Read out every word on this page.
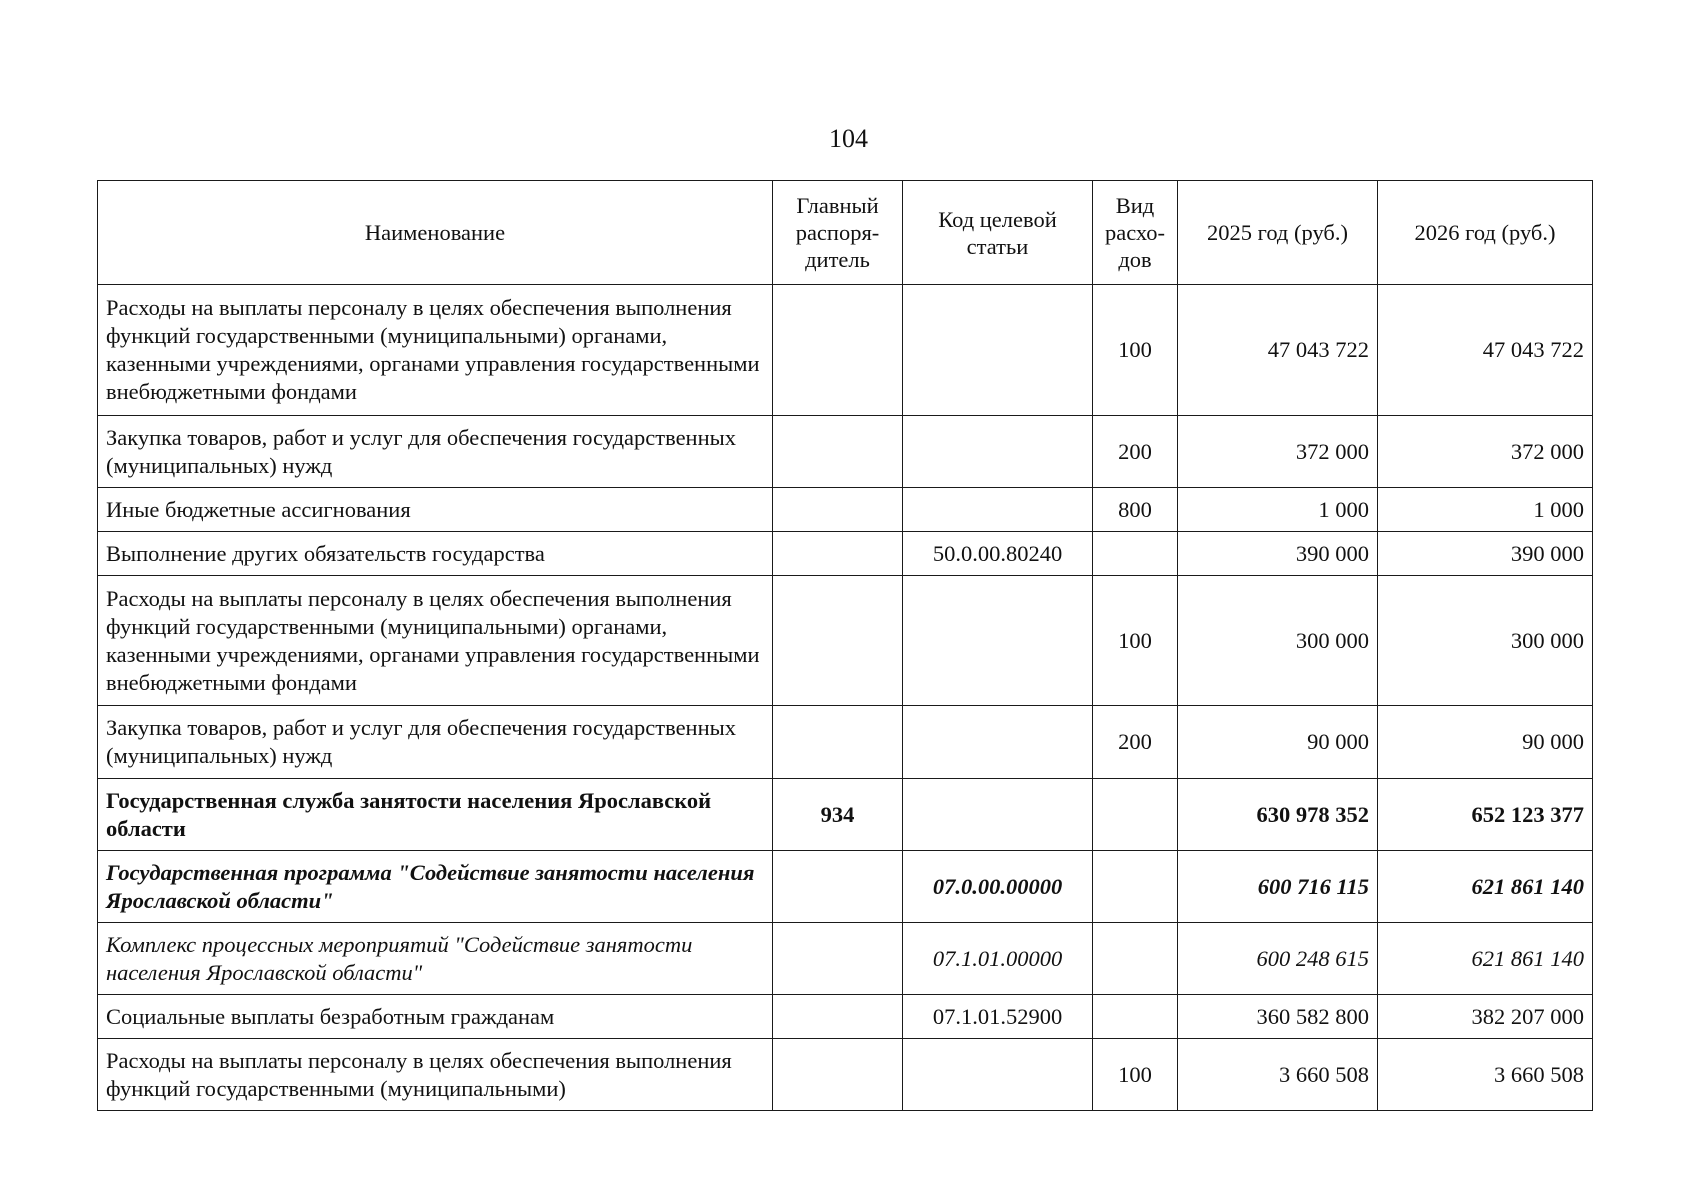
104
Наименование	Главный распоря-дитель	Код целевой статьи	Вид расхо-дов	2025 год (руб.)	2026 год (руб.)
Расходы на выплаты персоналу в целях обеспечения выполнения функций государственными (муниципальными) органами, казенными учреждениями, органами управления государственными внебюджетными фондами			100	47 043 722	47 043 722
Закупка товаров, работ и услуг для обеспечения государственных (муниципальных) нужд			200	372 000	372 000
Иные бюджетные ассигнования			800	1 000	1 000
Выполнение других обязательств государства		50.0.00.80240		390 000	390 000
Расходы на выплаты персоналу в целях обеспечения выполнения функций государственными (муниципальными) органами, казенными учреждениями, органами управления государственными внебюджетными фондами			100	300 000	300 000
Закупка товаров, работ и услуг для обеспечения государственных (муниципальных) нужд			200	90 000	90 000
Государственная служба занятости населения Ярославской области	934			630 978 352	652 123 377
Государственная программа "Содействие занятости населения Ярославской области"		07.0.00.00000		600 716 115	621 861 140
Комплекс процессных мероприятий "Содействие занятости населения Ярославской области"		07.1.01.00000		600 248 615	621 861 140
Социальные выплаты безработным гражданам		07.1.01.52900		360 582 800	382 207 000
Расходы на выплаты персоналу в целях обеспечения выполнения функций государственными (муниципальными)			100	3 660 508	3 660 508
